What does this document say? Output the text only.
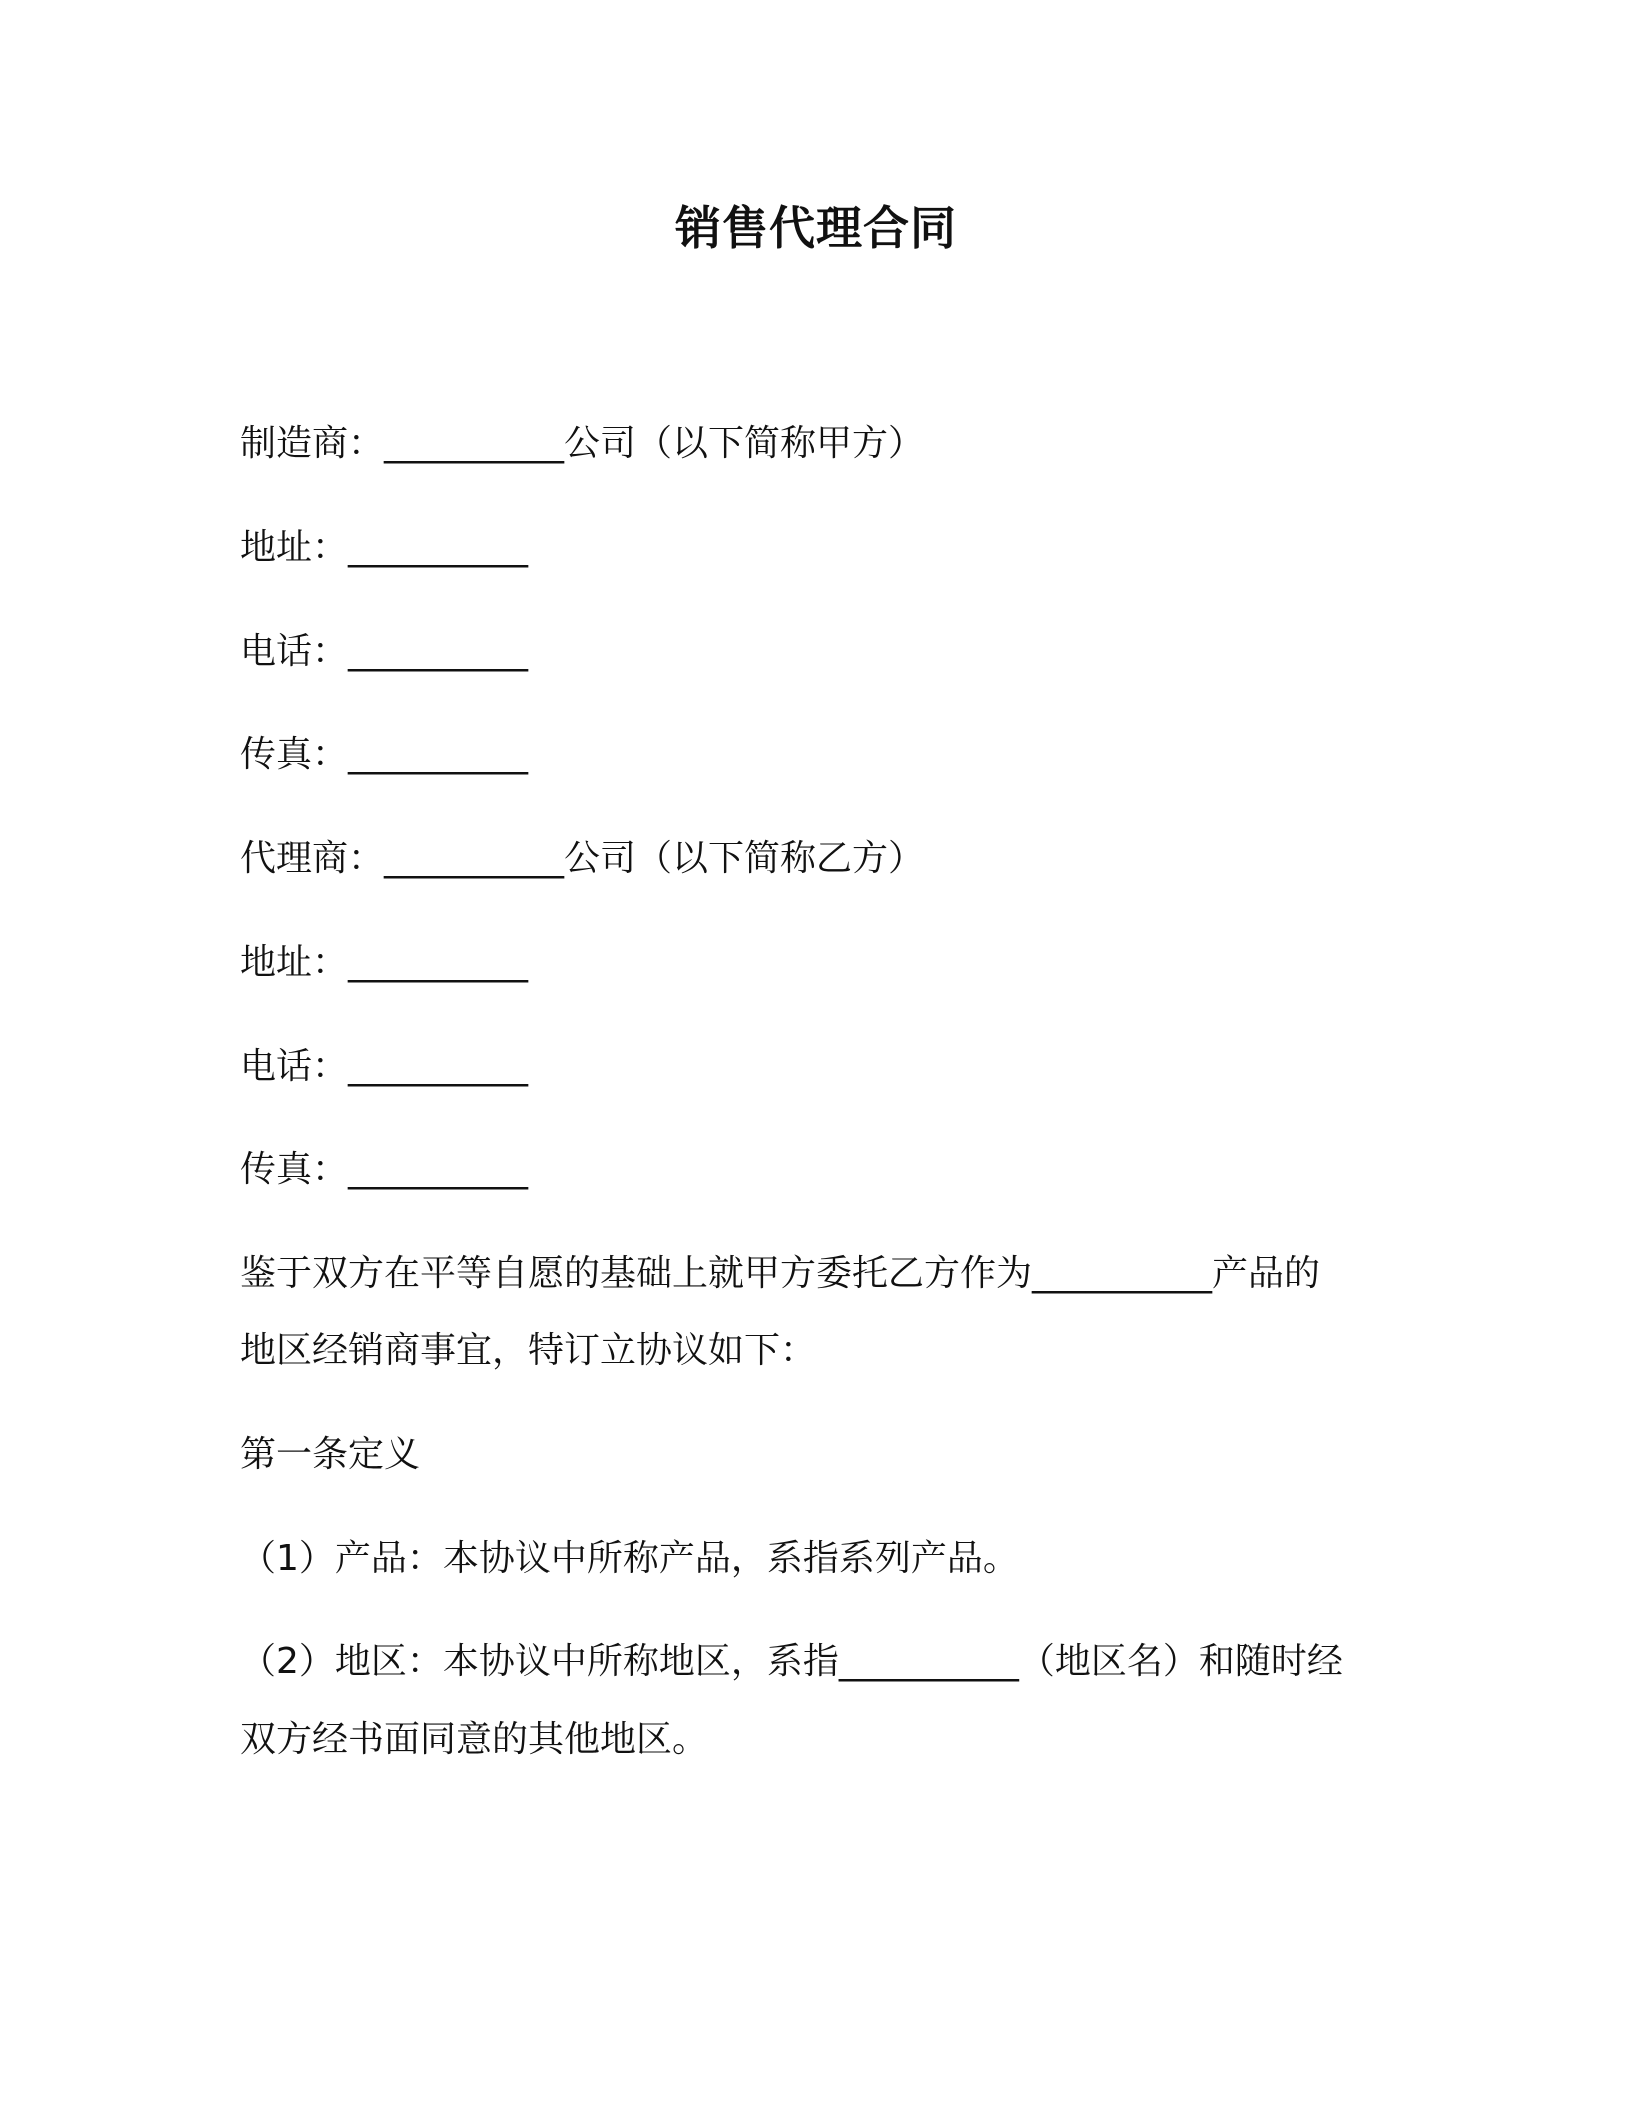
销售代理合同

制造商：__________公司（以下简称甲方）

地址：__________

电话：__________

传真：__________

代理商：__________公司（以下简称乙方）

地址：__________

电话：__________

传真：__________

鉴于双方在平等自愿的基础上就甲方委托乙方作为__________产品的

地区经销商事宜，特订立协议如下：

第一条定义

（1）产品：本协议中所称产品，系指系列产品。

（2）地区：本协议中所称地区，系指__________（地区名）和随时经

双方经书面同意的其他地区。
